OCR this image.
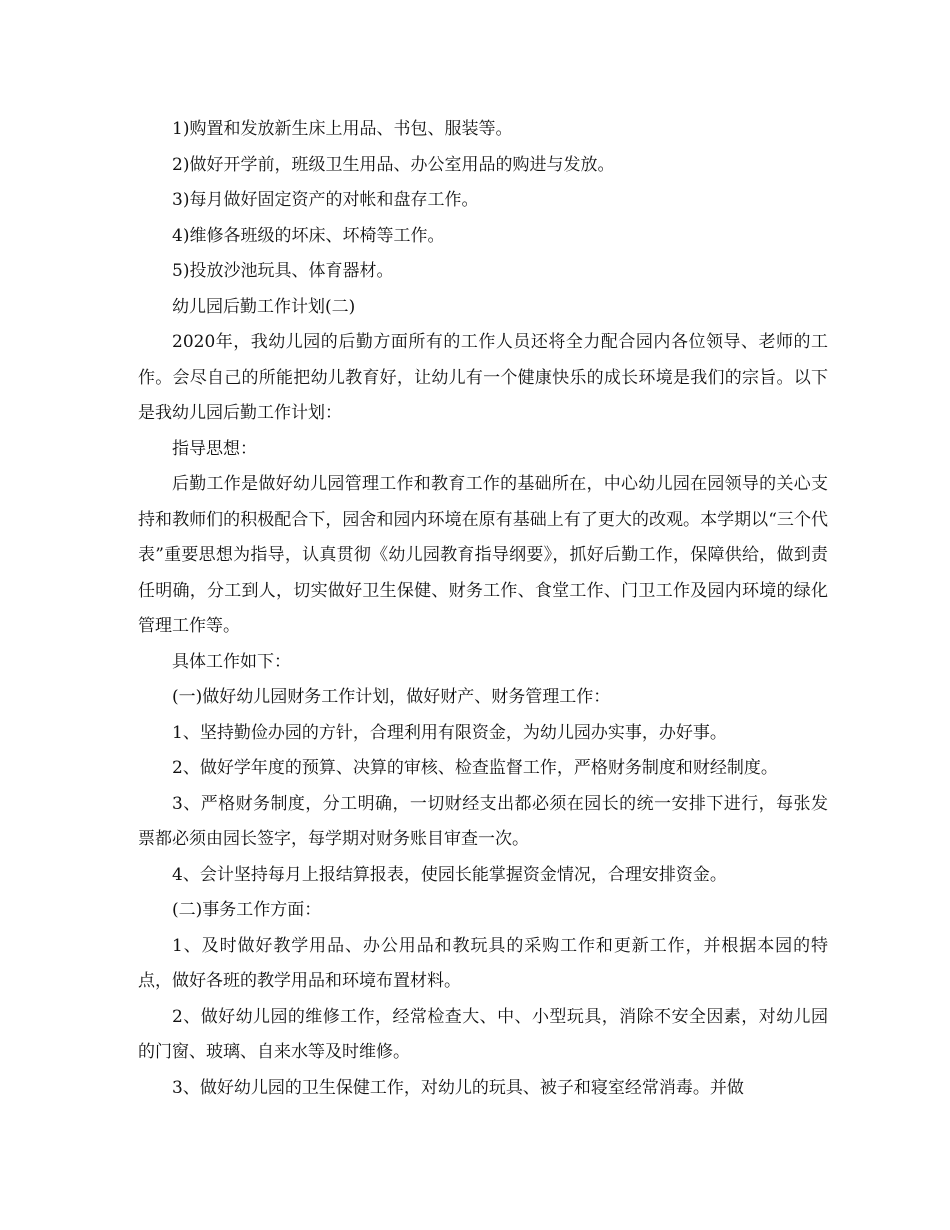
1)购置和发放新生床上用品、书包、服装等。

2)做好开学前，班级卫生用品、办公室用品的购进与发放。

3)每月做好固定资产的对帐和盘存工作。

4)维修各班级的坏床、坏椅等工作。

5)投放沙池玩具、体育器材。

幼儿园后勤工作计划(二)

2020年，我幼儿园的后勤方面所有的工作人员还将全力配合园内各位领导、老师的工作。会尽自己的所能把幼儿教育好，让幼儿有一个健康快乐的成长环境是我们的宗旨。以下是我幼儿园后勤工作计划：

指导思想：

后勤工作是做好幼儿园管理工作和教育工作的基础所在，中心幼儿园在园领导的关心支持和教师们的积极配合下，园舍和园内环境在原有基础上有了更大的改观。本学期以“三个代表”重要思想为指导，认真贯彻《幼儿园教育指导纲要》，抓好后勤工作，保障供给，做到责任明确，分工到人，切实做好卫生保健、财务工作、食堂工作、门卫工作及园内环境的绿化管理工作等。

具体工作如下：

(一)做好幼儿园财务工作计划，做好财产、财务管理工作：

1、坚持勤俭办园的方针，合理利用有限资金，为幼儿园办实事，办好事。

2、做好学年度的预算、决算的审核、检查监督工作，严格财务制度和财经制度。

3、严格财务制度，分工明确，一切财经支出都必须在园长的统一安排下进行，每张发票都必须由园长签字，每学期对财务账目审查一次。

4、会计坚持每月上报结算报表，使园长能掌握资金情况，合理安排资金。

(二)事务工作方面：

1、及时做好教学用品、办公用品和教玩具的采购工作和更新工作，并根据本园的特点，做好各班的教学用品和环境布置材料。

2、做好幼儿园的维修工作，经常检查大、中、小型玩具，消除不安全因素，对幼儿园的门窗、玻璃、自来水等及时维修。

3、做好幼儿园的卫生保健工作，对幼儿的玩具、被子和寝室经常消毒。并做
